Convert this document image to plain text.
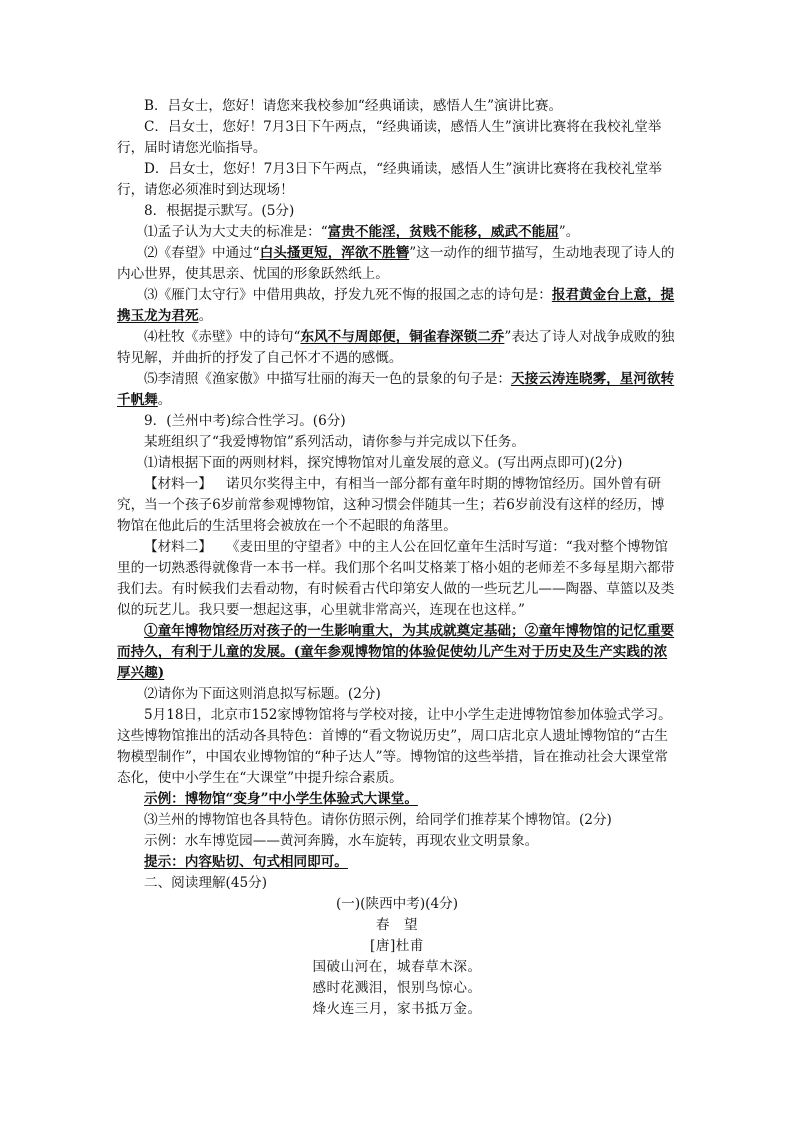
B．吕女士，您好！请您来我校参加“经典诵读，感悟人生”演讲比赛。

C．吕女士，您好！7月3日下午两点，“经典诵读，感悟人生”演讲比赛将在我校礼堂举行，届时请您光临指导。

D．吕女士，您好！7月3日下午两点，“经典诵读，感悟人生”演讲比赛将在我校礼堂举行，请您必须准时到达现场！

8．根据提示默写。(5分)

⑴孟子认为大丈夫的标准是：“富贵不能淫，贫贱不能移，威武不能屈”。

⑵《春望》中通过“白头搔更短，浑欲不胜簪”这一动作的细节描写，生动地表现了诗人的内心世界，使其思亲、忧国的形象跃然纸上。

⑶《雁门太守行》中借用典故，抒发九死不悔的报国之志的诗句是：报君黄金台上意，提携玉龙为君死。

⑷杜牧《赤壁》中的诗句“东风不与周郎便，铜雀春深锁二乔”表达了诗人对战争成败的独特见解，并曲折的抒发了自己怀才不遇的感慨。

⑸李清照《渔家傲》中描写壮丽的海天一色的景象的句子是：天接云涛连晓雾，星河欲转千帆舞。

9．(兰州中考)综合性学习。(6分)

某班组织了“我爱博物馆”系列活动，请你参与并完成以下任务。

⑴请根据下面的两则材料，探究博物馆对儿童发展的意义。(写出两点即可)(2分)

【材料一】 诺贝尔奖得主中，有相当一部分都有童年时期的博物馆经历。国外曾有研究，当一个孩子6岁前常参观博物馆，这种习惯会伴随其一生；若6岁前没有这样的经历，博物馆在他此后的生活里将会被放在一个不起眼的角落里。

【材料二】 《麦田里的守望者》中的主人公在回忆童年生活时写道：“我对整个博物馆里的一切熟悉得就像背一本书一样。我们那个名叫艾格莱丁格小姐的老师差不多每星期六都带我们去。有时候我们去看动物，有时候看古代印第安人做的一些玩艺儿——陶器、草篮以及类似的玩艺儿。我只要一想起这事，心里就非常高兴，连现在也这样。”

①童年博物馆经历对孩子的一生影响重大，为其成就奠定基础；②童年博物馆的记忆重要而持久，有利于儿童的发展。(童年参观博物馆的体验促使幼儿产生对于历史及生产实践的浓厚兴趣)

⑵请你为下面这则消息拟写标题。(2分)

5月18日，北京市152家博物馆将与学校对接，让中小学生走进博物馆参加体验式学习。这些博物馆推出的活动各具特色：首博的“看文物说历史”，周口店北京人遗址博物馆的“古生物模型制作”，中国农业博物馆的“种子达人”等。博物馆的这些举措，旨在推动社会大课堂常态化，使中小学生在“大课堂”中提升综合素质。

示例：博物馆“变身”中小学生体验式大课堂。

⑶兰州的博物馆也各具特色。请你仿照示例，给同学们推荐某个博物馆。(2分)

示例：水车博览园——黄河奔腾，水车旋转，再现农业文明景象。

提示：内容贴切、句式相同即可。

二、阅读理解(45分)

(一)(陕西中考)(4分)

春　望

[唐]杜甫

国破山河在，城春草木深。

感时花溅泪，恨别鸟惊心。

烽火连三月，家书抵万金。
